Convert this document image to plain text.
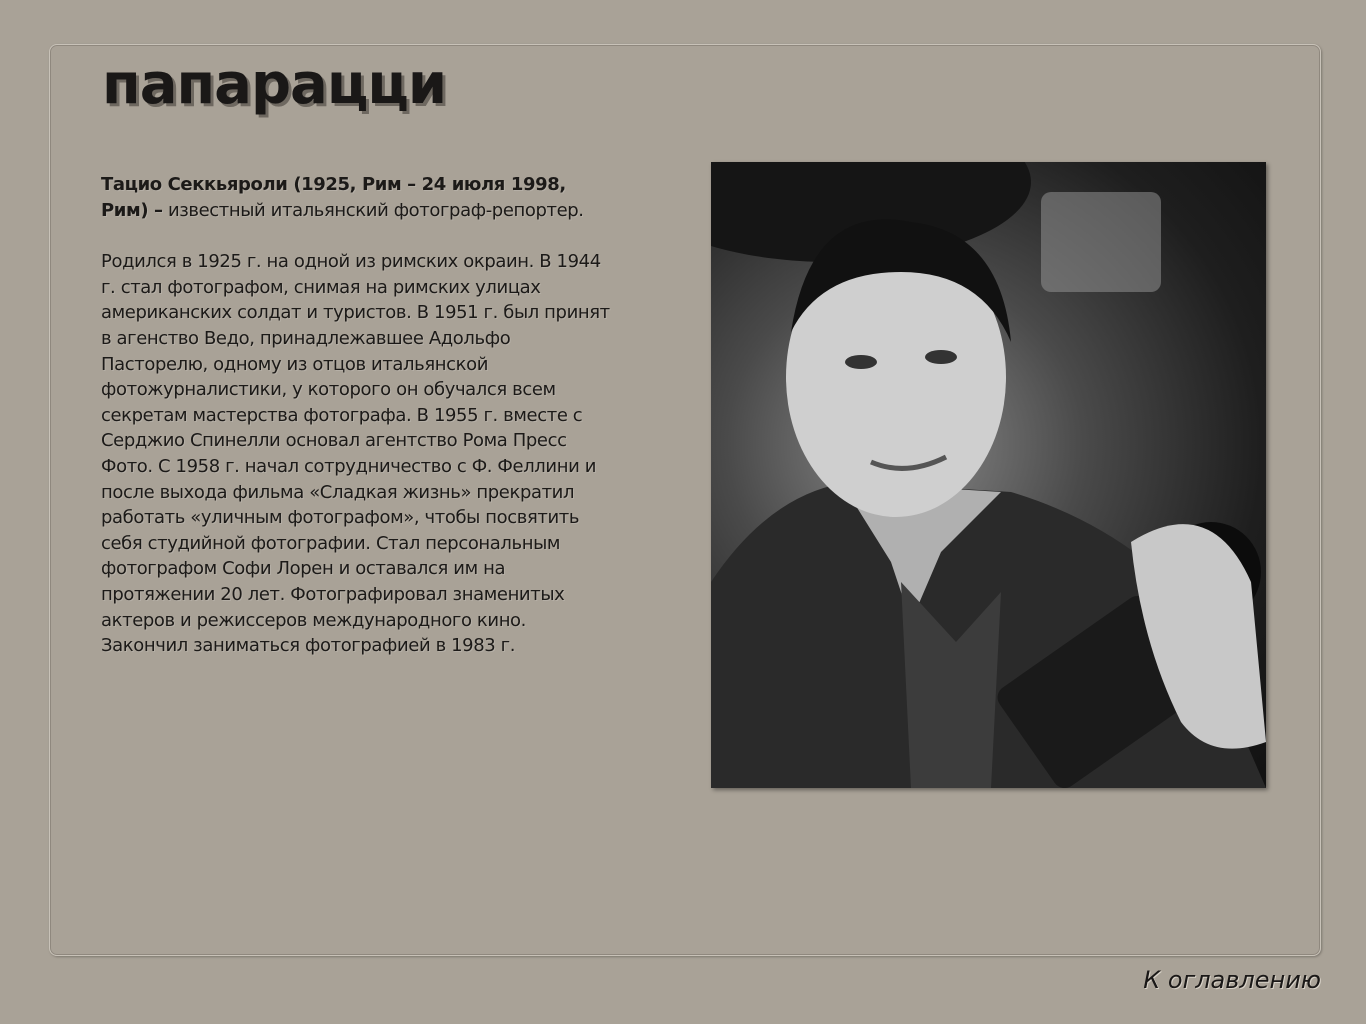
папарацци

Тацио Секкьяроли (1925, Рим – 24 июля 1998,
Рим) – известный итальянский фотограф-репортер.

Родился в 1925 г. на одной из римских окраин. В 1944
г. стал фотографом, снимая на римских улицах
американских солдат и туристов. В 1951 г. был принят
в агенство Ведо, принадлежавшее Адольфо
Пасторелю, одному из отцов итальянской
фотожурналистики, у которого он обучался всем
секретам мастерства фотографа. В 1955 г. вместе с
Серджио Спинелли основал агентство Рома Пресс
Фото. С 1958 г. начал сотрудничество с Ф. Феллини и
после выхода фильма «Сладкая жизнь» прекратил
работать «уличным фотографом», чтобы посвятить
себя студийной фотографии. Стал персональным
фотографом Софи Лорен и оставался им на
протяжении 20 лет. Фотографировал знаменитых
актеров и режиссеров международного кино.
Закончил заниматься фотографией в 1983 г.

К оглавлению
